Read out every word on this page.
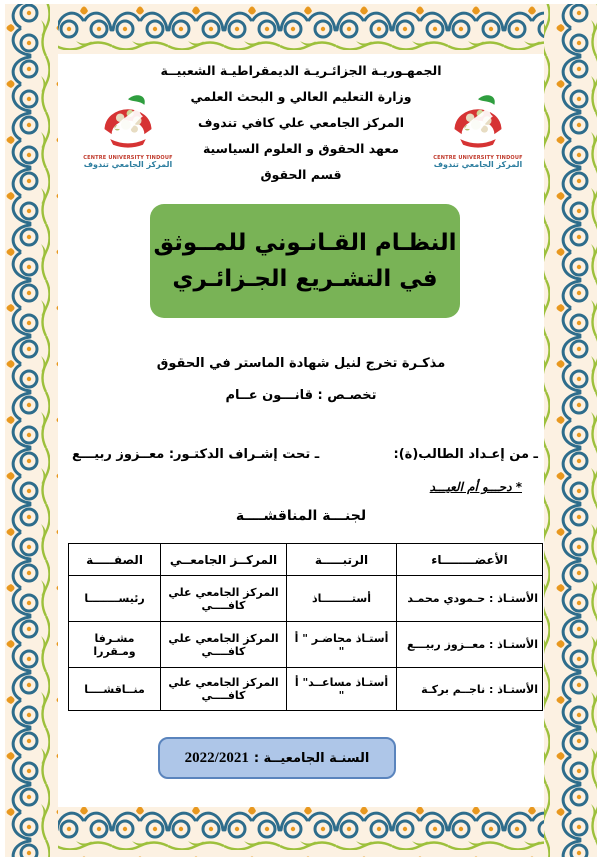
الجمهـوريـة الجزائـريـة الديمقراطيـة الشعبيــة
وزارة التعليم العالي و البحث العلمي
المركز الجامعي علي كافي تندوف
معهد الحقوق و العلوم السياسية
قسم الحقوق
CENTRE UNIVERSITY TINDOUF
المركز الجامعي تندوف
CENTRE UNIVERSITY TINDOUF
المركز الجامعي تندوف
النظـام القـانـوني للمــوثق
في التشـريع الجـزائـري
مذكـرة تخرج لنيل شهادة الماستر في الحقوق
تخصـص : قانـــون عــام
ـ من إعـداد الطالب(ة):
ـ تحت إشـراف الدكتـور: معــزوز ربيـــع
* دحـــو أم العيـــد
لجنـــة المناقشــــة
الأعضــــــــاء	الرتبـــــة	المركــز الجامعــي	الصفـــــة
الأستـاذ : حـمودي محمـد	أستــــــــاذ	المركز الجامعي علي كافــــي	رئيســــــــا
الأستـاذ : معــزوز ربيـــع	أستـاذ محاضـر " أ "	المركز الجامعي علي كافــــي	مشـرفا ومـقررا
الأستـاذ : ناجــم بركـة	أستـاذ مساعــد" أ "	المركز الجامعي علي كافــــي	منــاقشــــا
السنـة الجامعيــة :
2022/2021
